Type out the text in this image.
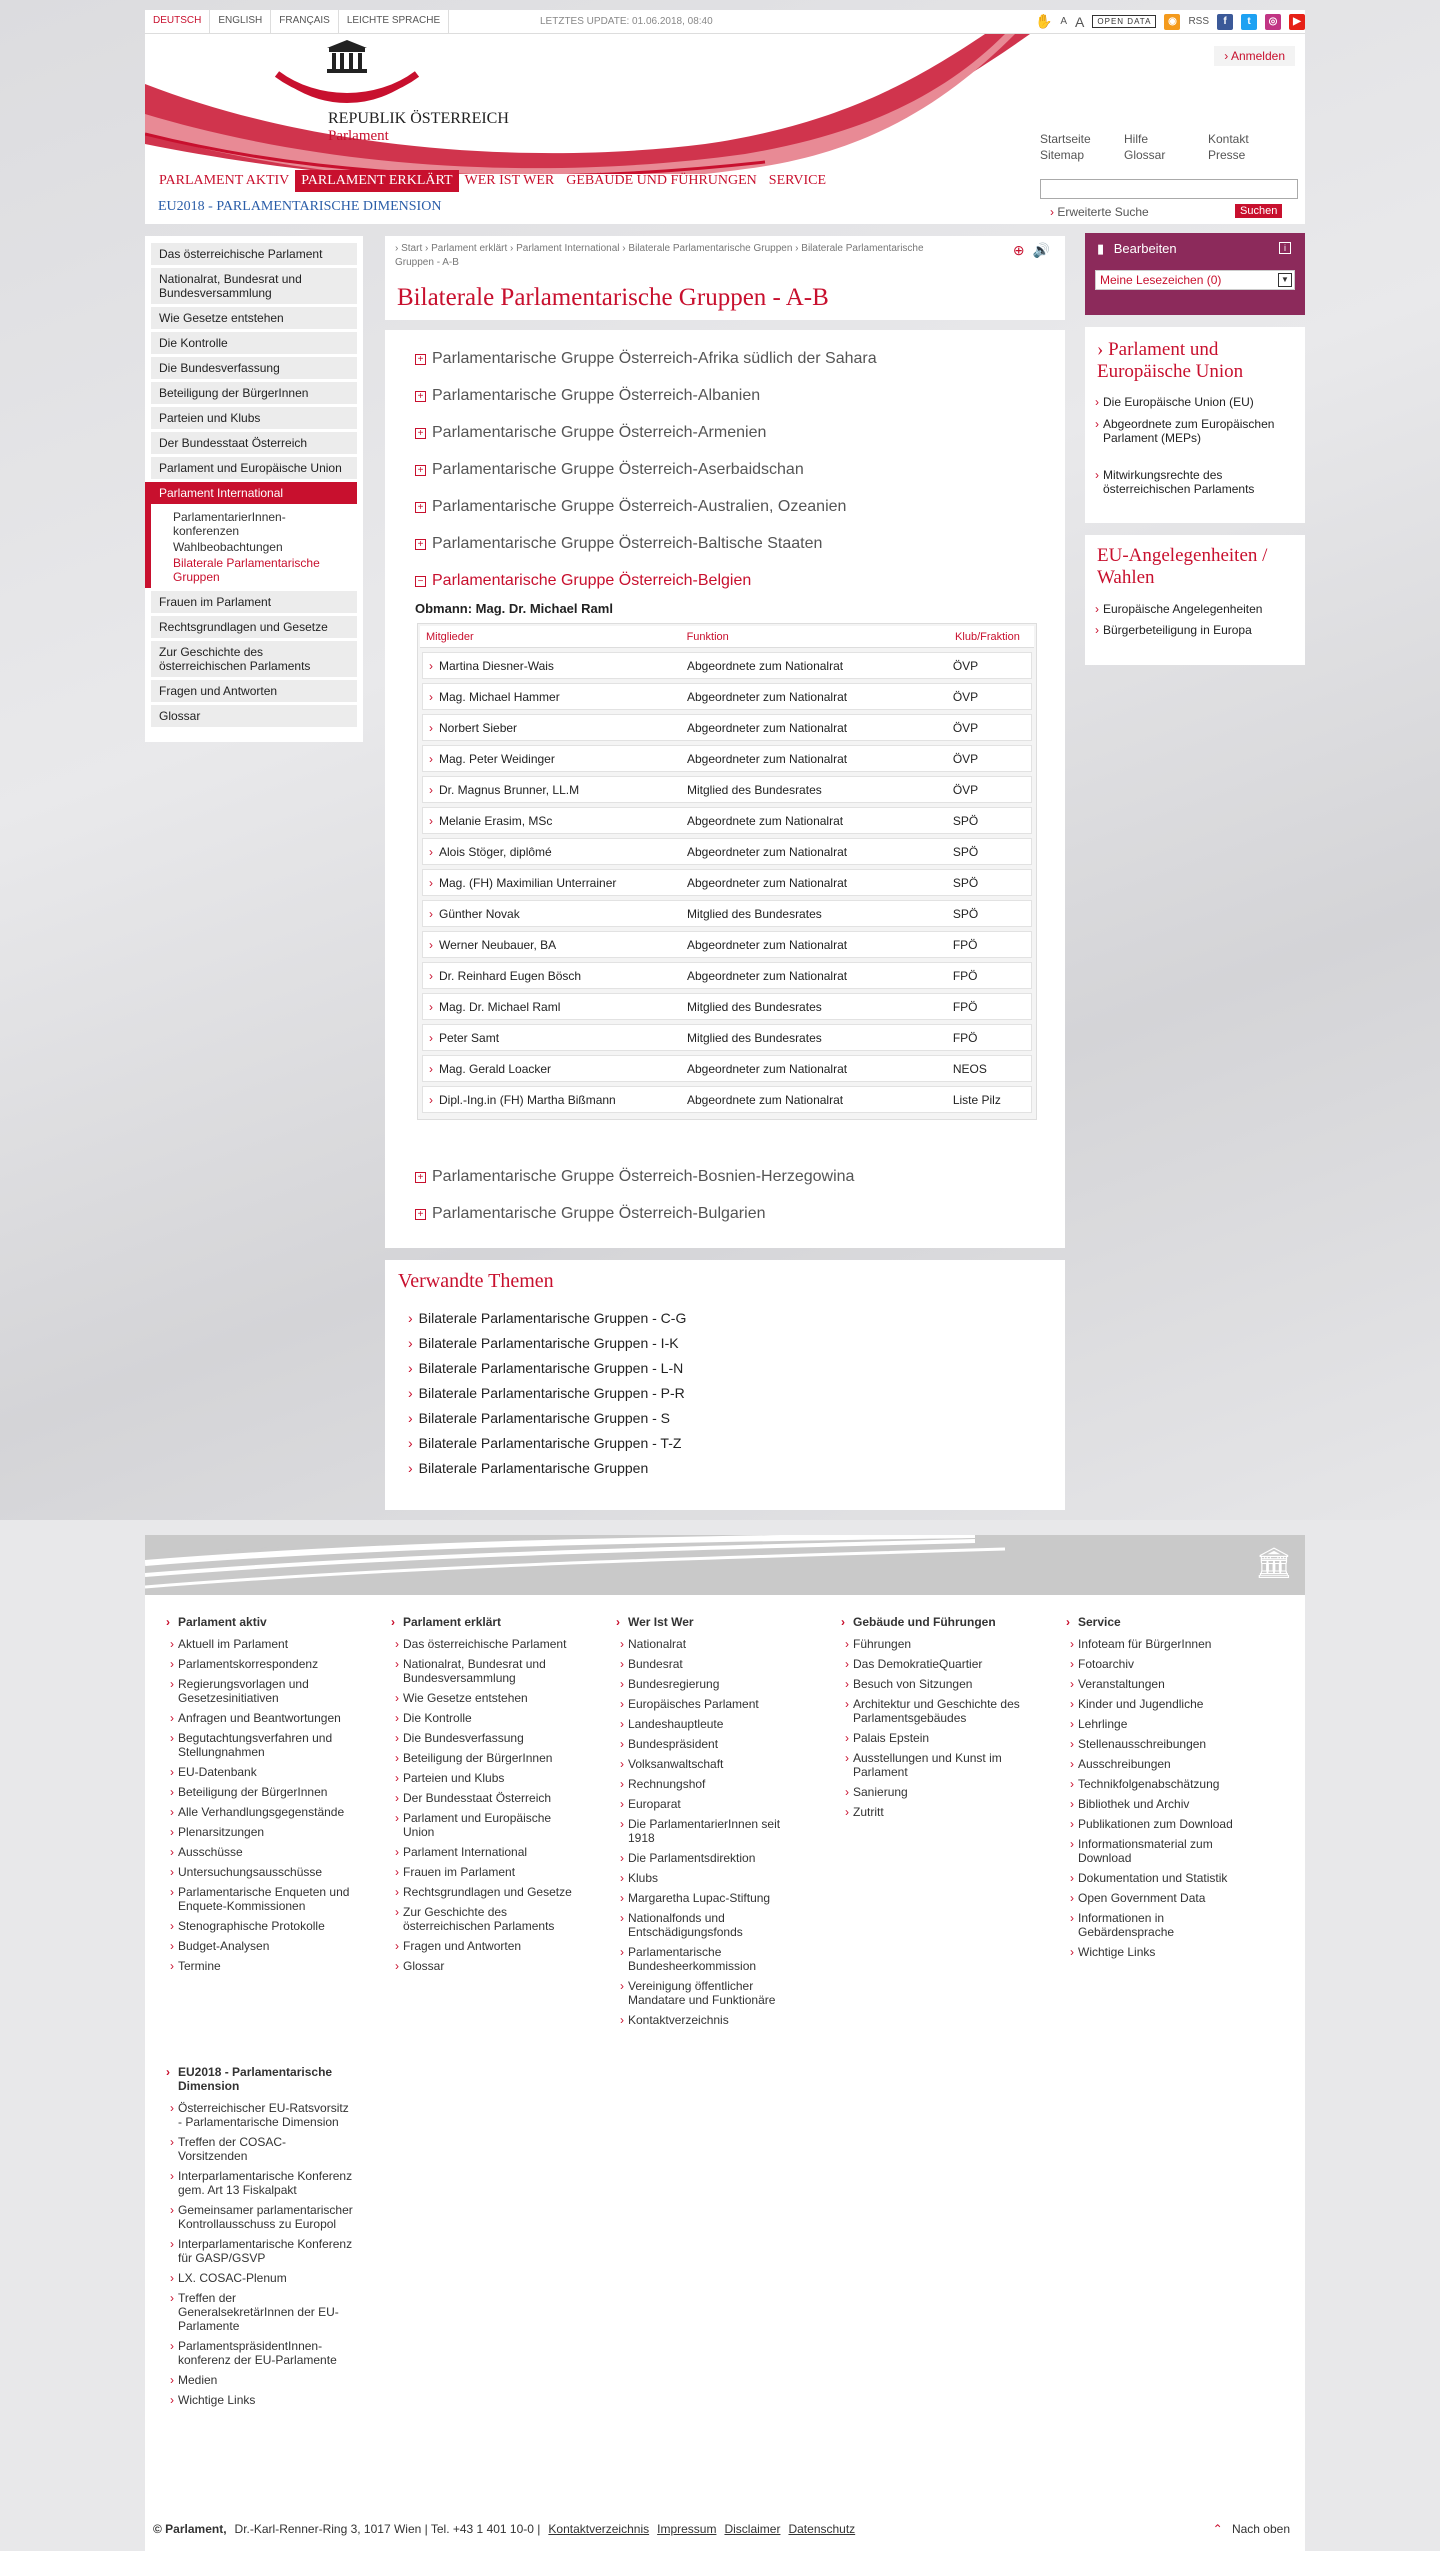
DEUTSCH	ENGLISH	FRANÇAIS	LEICHTE SPRACHE	LETZTES UPDATE: 01.06.2018, 08:40	✋ A A	OPEN DATA	◉	RSS	f	t	◎	▶
REPUBLIK ÖSTERREICH
Parlament
› Anmelden
Startseite	Hilfe	Kontakt
Sitemap	Glossar	Presse
PARLAMENT AKTIV PARLAMENT ERKLÄRT WER IST WER GEBÄUDE UND FÜHRUNGEN SERVICE
EU2018 - PARLAMENTARISCHE DIMENSION	› Erweiterte Suche	Suchen
Das österreichische Parlament
Nationalrat, Bundesrat und Bundesversammlung
Wie Gesetze entstehen
Die Kontrolle
Die Bundesverfassung
Beteiligung der BürgerInnen
Parteien und Klubs
Der Bundesstaat Österreich
Parlament und Europäische Union
Parlament International
ParlamentarierInnen-konferenzen
Wahlbeobachtungen
Bilaterale Parlamentarische Gruppen
Frauen im Parlament
Rechtsgrundlagen und Gesetze
Zur Geschichte des österreichischen Parlaments
Fragen und Antworten
Glossar
› Start › Parlament erklärt › Parlament International › Bilaterale Parlamentarische Gruppen › Bilaterale Parlamentarische Gruppen - A-B
⊕ 🔊
Bilaterale Parlamentarische Gruppen - A-B
+ Parlamentarische Gruppe Österreich-Afrika südlich der Sahara
+ Parlamentarische Gruppe Österreich-Albanien
+ Parlamentarische Gruppe Österreich-Armenien
+ Parlamentarische Gruppe Österreich-Aserbaidschan
+ Parlamentarische Gruppe Österreich-Australien, Ozeanien
+ Parlamentarische Gruppe Österreich-Baltische Staaten
− Parlamentarische Gruppe Österreich-Belgien
Obmann: Mag. Dr. Michael Raml
Mitglieder	Funktion	Klub/Fraktion
› Martina Diesner-Wais	Abgeordnete zum Nationalrat	ÖVP
› Mag. Michael Hammer	Abgeordneter zum Nationalrat	ÖVP
› Norbert Sieber	Abgeordneter zum Nationalrat	ÖVP
› Mag. Peter Weidinger	Abgeordneter zum Nationalrat	ÖVP
› Dr. Magnus Brunner, LL.M	Mitglied des Bundesrates	ÖVP
› Melanie Erasim, MSc	Abgeordnete zum Nationalrat	SPÖ
› Alois Stöger, diplômé	Abgeordneter zum Nationalrat	SPÖ
› Mag. (FH) Maximilian Unterrainer	Abgeordneter zum Nationalrat	SPÖ
› Günther Novak	Mitglied des Bundesrates	SPÖ
› Werner Neubauer, BA	Abgeordneter zum Nationalrat	FPÖ
› Dr. Reinhard Eugen Bösch	Abgeordneter zum Nationalrat	FPÖ
› Mag. Dr. Michael Raml	Mitglied des Bundesrates	FPÖ
› Peter Samt	Mitglied des Bundesrates	FPÖ
› Mag. Gerald Loacker	Abgeordneter zum Nationalrat	NEOS
› Dipl.-Ing.in (FH) Martha Bißmann	Abgeordnete zum Nationalrat	Liste Pilz
+ Parlamentarische Gruppe Österreich-Bosnien-Herzegowina
+ Parlamentarische Gruppe Österreich-Bulgarien
Verwandte Themen
› Bilaterale Parlamentarische Gruppen - C-G
› Bilaterale Parlamentarische Gruppen - I-K
› Bilaterale Parlamentarische Gruppen - L-N
› Bilaterale Parlamentarische Gruppen - P-R
› Bilaterale Parlamentarische Gruppen - S
› Bilaterale Parlamentarische Gruppen - T-Z
› Bilaterale Parlamentarische Gruppen
▮ Bearbeiten	i
Meine Lesezeichen (0)	▼
› Parlament und Europäische Union
› Die Europäische Union (EU)
› Abgeordnete zum Europäischen Parlament (MEPs)
› Mitwirkungsrechte des österreichischen Parlaments
EU-Angelegenheiten / Wahlen
› Europäische Angelegenheiten
› Bürgerbeteiligung in Europa
🏛
› Parlament aktiv
› Aktuell im Parlament
› Parlamentskorrespondenz
› Regierungsvorlagen und Gesetzesinitiativen
› Anfragen und Beantwortungen
› Begutachtungsverfahren und Stellungnahmen
› EU-Datenbank
› Beteiligung der BürgerInnen
› Alle Verhandlungsgegenstände
› Plenarsitzungen
› Ausschüsse
› Untersuchungsausschüsse
› Parlamentarische Enqueten und Enquete-Kommissionen
› Stenographische Protokolle
› Budget-Analysen
› Termine
› Parlament erklärt
› Das österreichische Parlament
› Nationalrat, Bundesrat und Bundesversammlung
› Wie Gesetze entstehen
› Die Kontrolle
› Die Bundesverfassung
› Beteiligung der BürgerInnen
› Parteien und Klubs
› Der Bundesstaat Österreich
› Parlament und Europäische Union
› Parlament International
› Frauen im Parlament
› Rechtsgrundlagen und Gesetze
› Zur Geschichte des österreichischen Parlaments
› Fragen und Antworten
› Glossar
› Wer Ist Wer
› Nationalrat
› Bundesrat
› Bundesregierung
› Europäisches Parlament
› Landeshauptleute
› Bundespräsident
› Volksanwaltschaft
› Rechnungshof
› Europarat
› Die ParlamentarierInnen seit 1918
› Die Parlamentsdirektion
› Klubs
› Margaretha Lupac-Stiftung
› Nationalfonds und Entschädigungsfonds
› Parlamentarische Bundesheerkommission
› Vereinigung öffentlicher Mandatare und Funktionäre
› Kontaktverzeichnis
› Gebäude und Führungen
› Führungen
› Das DemokratieQuartier
› Besuch von Sitzungen
› Architektur und Geschichte des Parlamentsgebäudes
› Palais Epstein
› Ausstellungen und Kunst im Parlament
› Sanierung
› Zutritt
› Service
› Infoteam für BürgerInnen
› Fotoarchiv
› Veranstaltungen
› Kinder und Jugendliche
› Lehrlinge
› Stellenausschreibungen
› Ausschreibungen
› Technikfolgenabschätzung
› Bibliothek und Archiv
› Publikationen zum Download
› Informationsmaterial zum Download
› Dokumentation und Statistik
› Open Government Data
› Informationen in Gebärdensprache
› Wichtige Links
› EU2018 - Parlamentarische Dimension
› Österreichischer EU-Ratsvorsitz - Parlamentarische Dimension
› Treffen der COSAC-Vorsitzenden
› Interparlamentarische Konferenz gem. Art 13 Fiskalpakt
› Gemeinsamer parlamentarischer Kontrollausschuss zu Europol
› Interparlamentarische Konferenz für GASP/GSVP
› LX. COSAC-Plenum
› Treffen der GeneralsekretärInnen der EU-Parlamente
› ParlamentspräsidentInnen-konferenz der EU-Parlamente
› Medien
› Wichtige Links
© Parlament, Dr.-Karl-Renner-Ring 3, 1017 Wien | Tel. +43 1 401 10-0 | Kontaktverzeichnis Impressum Disclaimer Datenschutz	⌃ Nach oben
